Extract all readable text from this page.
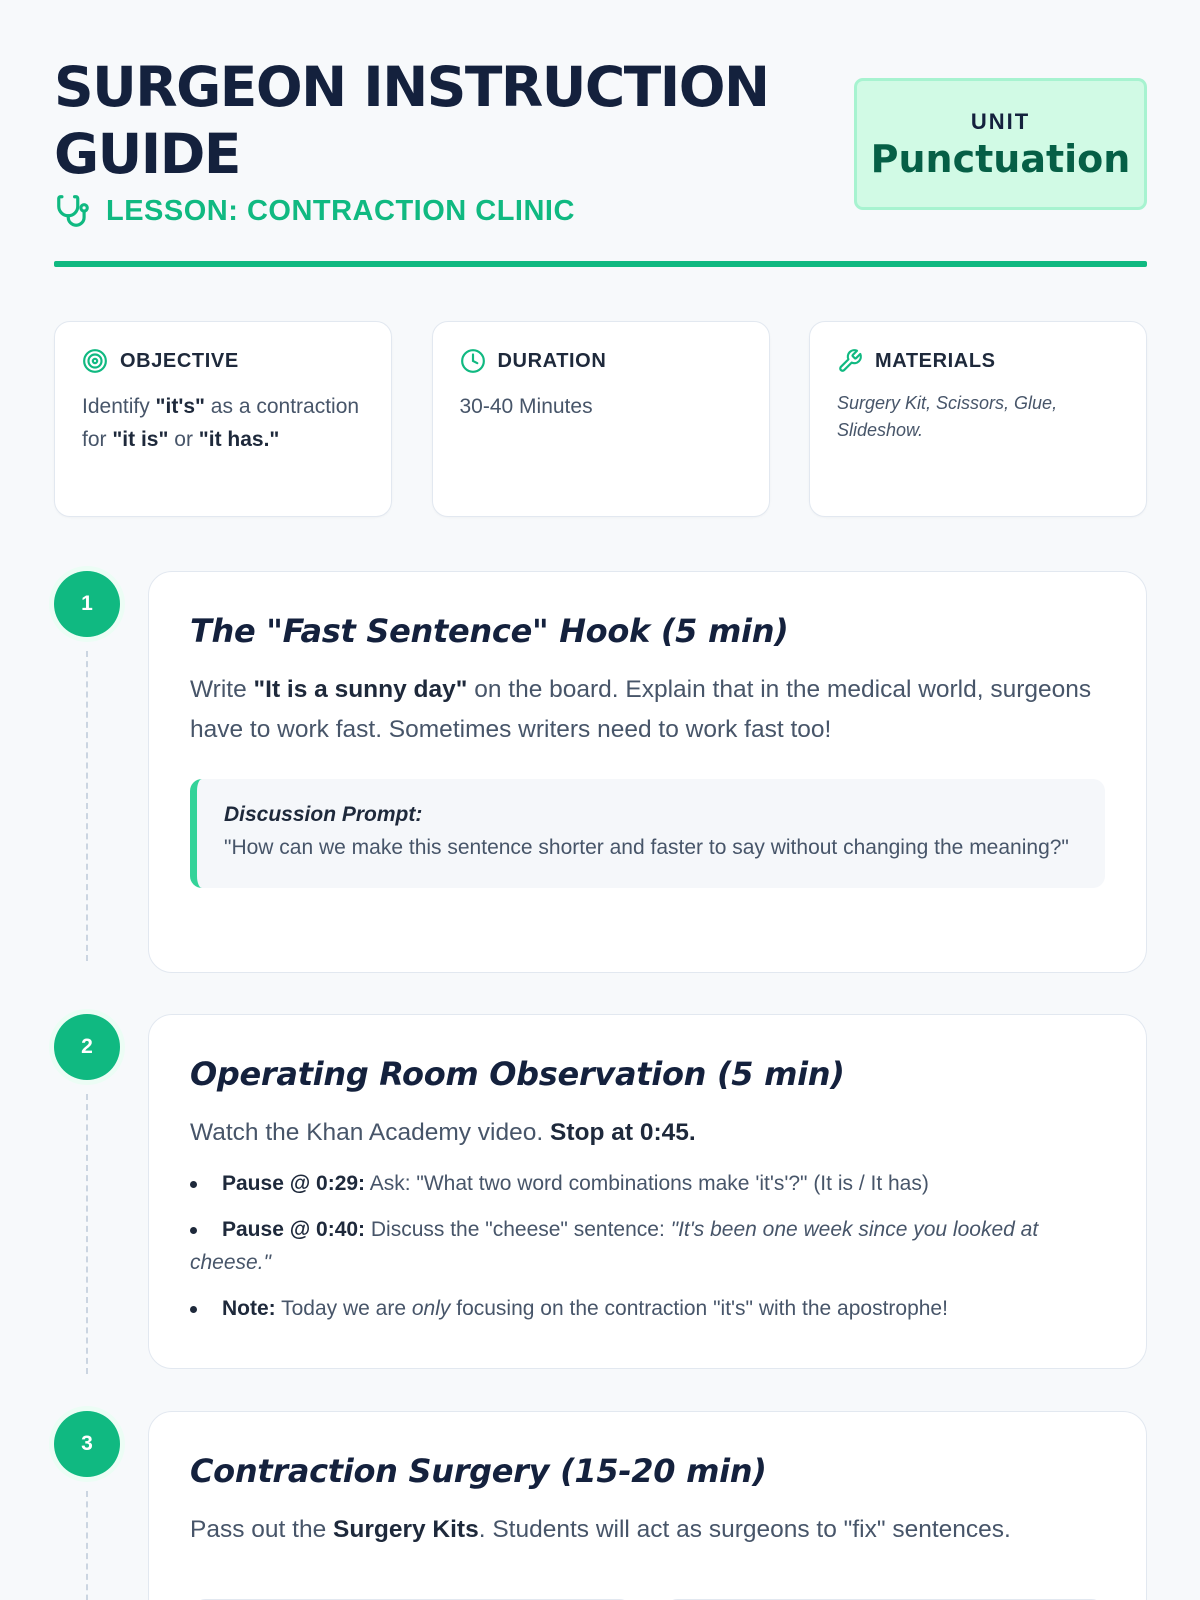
SURGEON INSTRUCTION
GUIDE
LESSON: CONTRACTION CLINIC
UNIT
Punctuation
OBJECTIVE
Identify "it's" as a contraction for "it is" or "it has."
DURATION
30-40 Minutes
MATERIALS
Surgery Kit, Scissors, Glue, Slideshow.
1
The "Fast Sentence" Hook (5 min)

Write "It is a sunny day" on the board. Explain that in the medical world, surgeons have to work fast. Sometimes writers need to work fast too!

Discussion Prompt:
"How can we make this sentence shorter and faster to say without changing the meaning?"
2
Operating Room Observation (5 min)

Watch the Khan Academy video. Stop at 0:45.

Pause @ 0:29: Ask: "What two word combinations make 'it's'?" (It is / It has)
Pause @ 0:40: Discuss the "cheese" sentence: "It's been one week since you looked at cheese."
Note: Today we are only focusing on the contraction "it's" with the apostrophe!
3
Contraction Surgery (15-20 min)

Pass out the Surgery Kits. Students will act as surgeons to "fix" sentences.
